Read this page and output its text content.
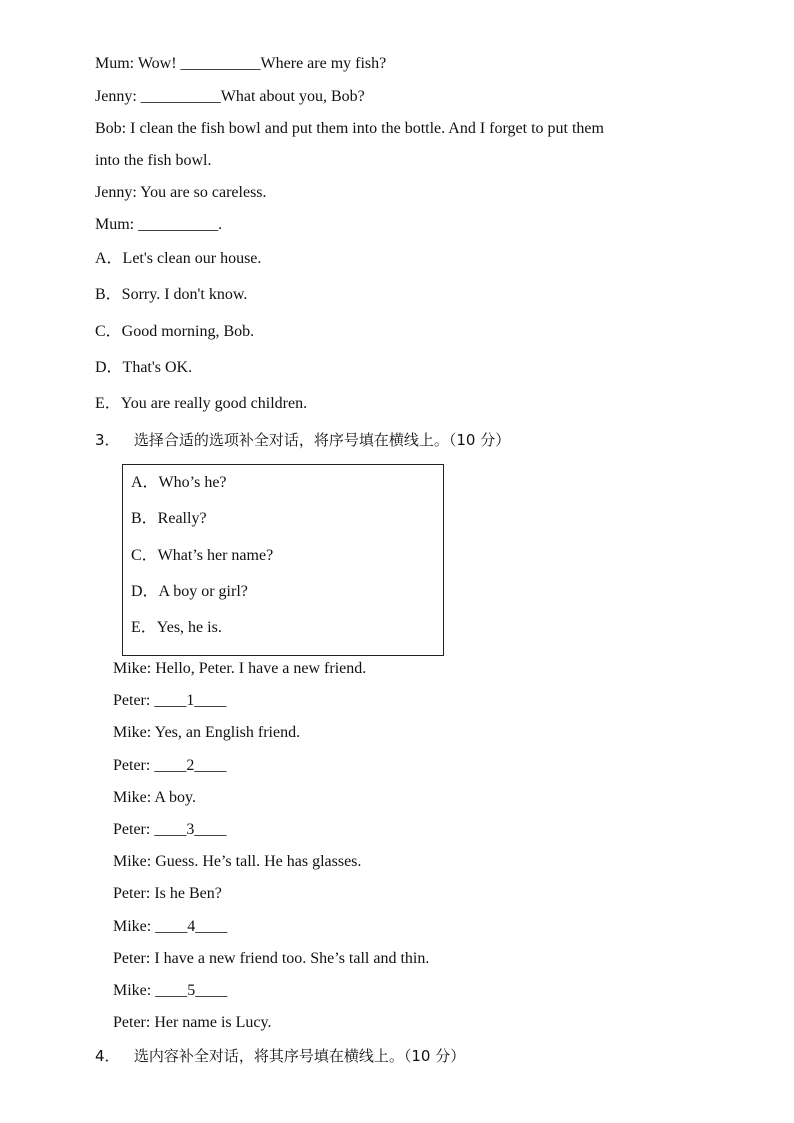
Mum: Wow! __________Where are my fish?
Jenny: __________What about you, Bob?
Bob: I clean the fish bowl and put them into the bottle. And I forget to put them
into the fish bowl.
Jenny: You are so careless.
Mum: __________.
A．Let's clean our house.
B．Sorry. I don't know.
C．Good morning, Bob.
D．That's OK.
E．You are really good children.
3．   选择合适的选项补全对话，将序号填在横线上。（10 分）
A．Who’s he?
B．Really?
C．What’s her name?
D．A boy or girl?
E．Yes, he is.
Mike: Hello, Peter. I have a new friend.
Peter: ____1____
Mike: Yes, an English friend.
Peter: ____2____
Mike: A boy.
Peter: ____3____
Mike: Guess. He’s tall. He has glasses.
Peter: Is he Ben?
Mike: ____4____
Peter: I have a new friend too. She’s tall and thin.
Mike: ____5____
Peter: Her name is Lucy.
4．   选内容补全对话，将其序号填在横线上。（10 分）
